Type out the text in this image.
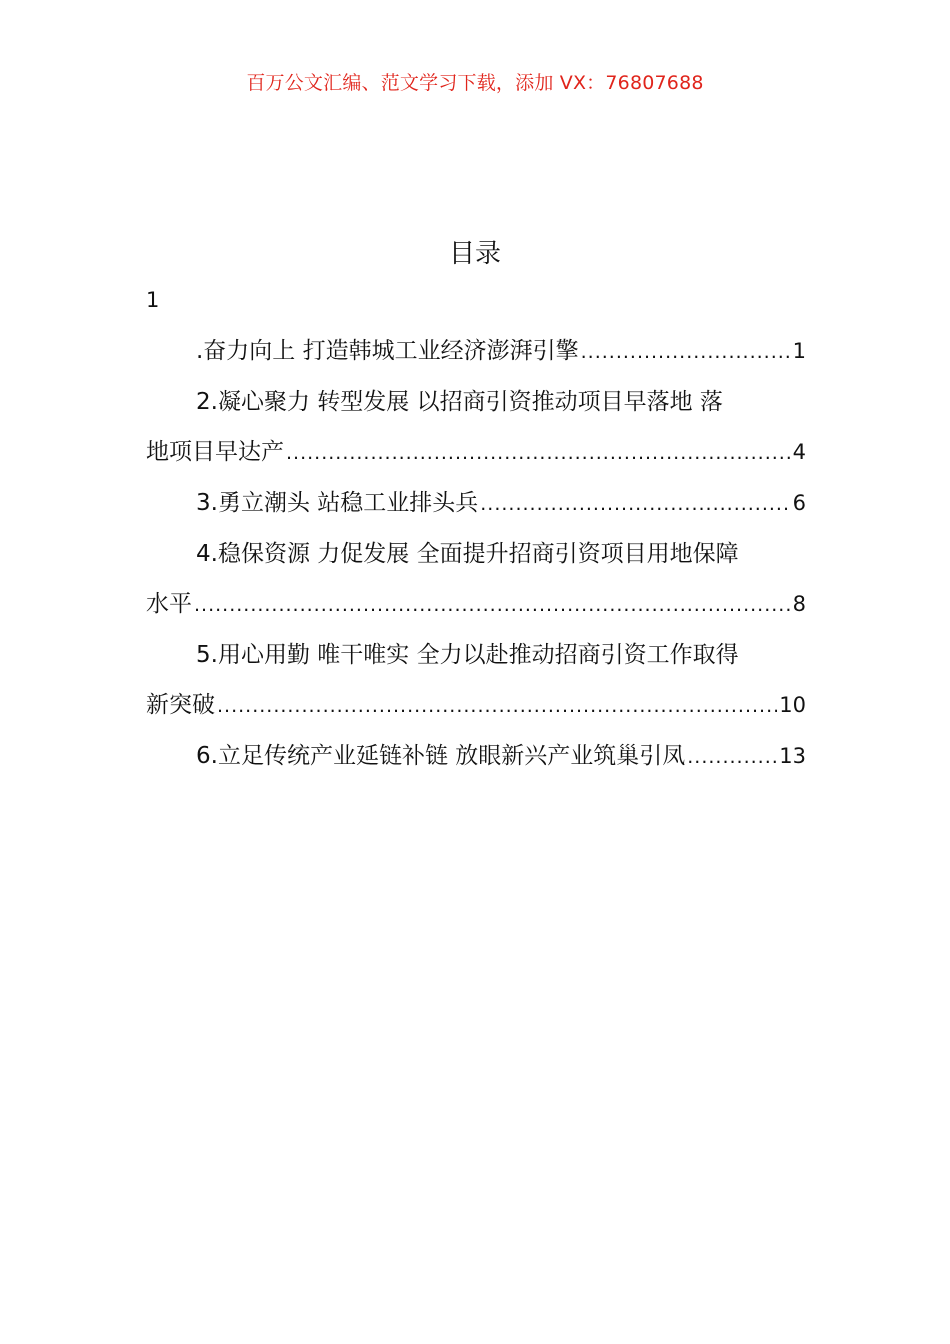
百万公文汇编、范文学习下载，添加 VX：76807688
目录
1
.奋力向上 打造韩城工业经济澎湃引擎 .....	1
2.凝心聚力 转型发展 以招商引资推动项目早落地 落
地项目早达产 .....	4
3.勇立潮头 站稳工业排头兵 .....	6
4.稳保资源 力促发展 全面提升招商引资项目用地保障
水平 .....	8
5.用心用勤 唯干唯实 全力以赴推动招商引资工作取得
新突破 .....	10
6.立足传统产业延链补链 放眼新兴产业筑巢引凤 .....	13
